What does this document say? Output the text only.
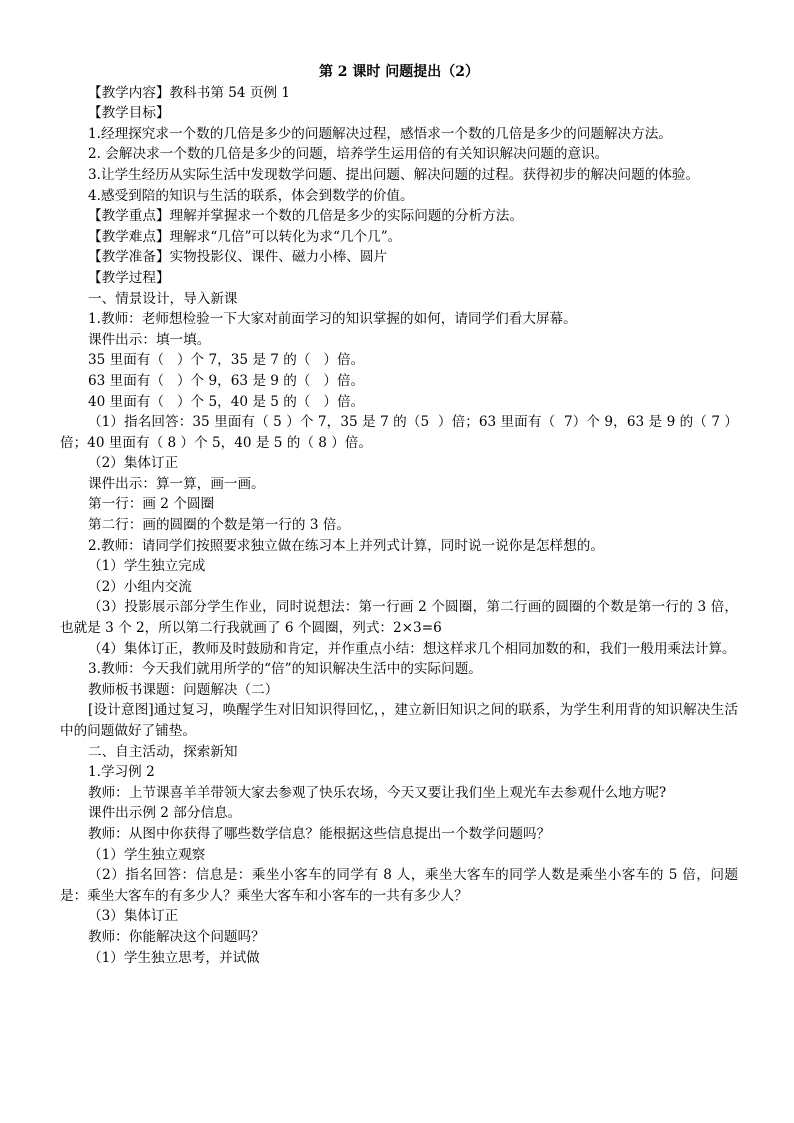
第 2 课时 问题提出（2）

【教学内容】教科书第 54 页例 1

【教学目标】

1.经理探究求一个数的几倍是多少的问题解决过程，感悟求一个数的几倍是多少的问题解决方法。

2. 会解决求一个数的几倍是多少的问题，培养学生运用倍的有关知识解决问题的意识。

3.让学生经历从实际生活中发现数学问题、提出问题、解决问题的过程。获得初步的解决问题的体验。

4.感受到陪的知识与生活的联系，体会到数学的价值。

【教学重点】理解并掌握求一个数的几倍是多少的实际问题的分析方法。

【教学难点】理解求“几倍”可以转化为求“几个几”。

【教学准备】实物投影仪、课件、磁力小棒、圆片

【教学过程】

一、情景设计，导入新课

1.教师：老师想检验一下大家对前面学习的知识掌握的如何，请同学们看大屏幕。

课件出示：填一填。

35 里面有（   ）个 7，35 是 7 的（   ）倍。

63 里面有（   ）个 9，63 是 9 的（   ）倍。

40 里面有（   ）个 5，40 是 5 的（   ）倍。

（1）指名回答：35 里面有（ 5 ）个 7，35 是 7 的（5  ）倍；63 里面有（  7）个 9，63 是 9 的（ 7 ）倍；40 里面有（ 8 ）个 5，40 是 5 的（ 8 ）倍。

（2）集体订正

课件出示：算一算，画一画。

第一行：画 2 个圆圈

第二行：画的圆圈的个数是第一行的 3 倍。

2.教师：请同学们按照要求独立做在练习本上并列式计算，同时说一说你是怎样想的。

（1）学生独立完成

（2）小组内交流

（3）投影展示部分学生作业，同时说想法：第一行画 2 个圆圈，第二行画的圆圈的个数是第一行的 3 倍，也就是 3 个 2，所以第二行我就画了 6 个圆圈，列式：2×3=6

（4）集体订正，教师及时鼓励和肯定，并作重点小结：想这样求几个相同加数的和，我们一般用乘法计算。

3.教师：今天我们就用所学的“倍”的知识解决生活中的实际问题。

教师板书课题：问题解决（二）

[设计意图]通过复习，唤醒学生对旧知识得回忆，，建立新旧知识之间的联系，为学生利用背的知识解决生活中的问题做好了铺垫。

二、自主活动，探索新知

1.学习例 2

教师：上节课喜羊羊带领大家去参观了快乐农场，今天又要让我们坐上观光车去参观什么地方呢?

课件出示例 2 部分信息。

教师：从图中你获得了哪些数学信息？能根据这些信息提出一个数学问题吗？

（1）学生独立观察

（2）指名回答：信息是：乘坐小客车的同学有 8 人，乘坐大客车的同学人数是乘坐小客车的 5 倍，问题是：乘坐大客车的有多少人？乘坐大客车和小客车的一共有多少人？

（3）集体订正

教师：你能解决这个问题吗？

（1）学生独立思考，并试做
